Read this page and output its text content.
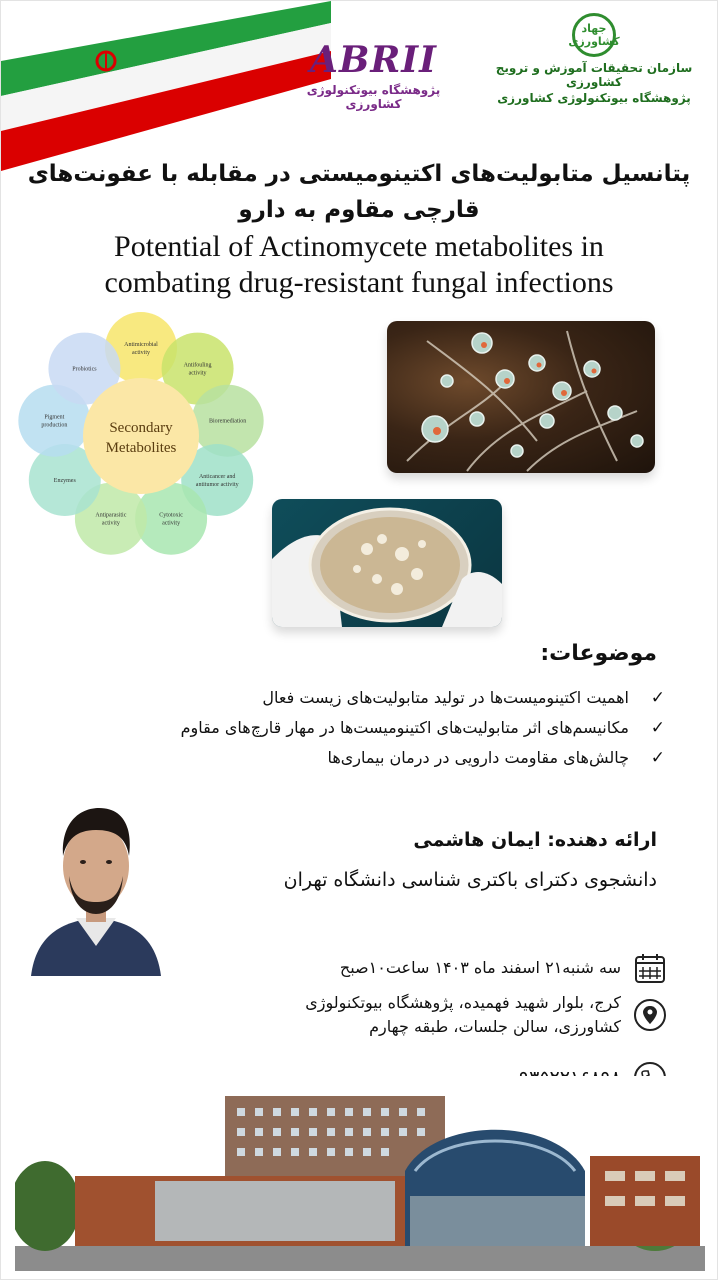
ABRII
پژوهشگاه بیوتکنولوژی کشاورزی
جهاد کشاورزی
سازمان تحقیقات آموزش و ترویج کشاورزی
پژوهشگاه بیوتکنولوژی کشاورزی
پتانسیل متابولیت‌های اکتینومیستی در مقابله با عفونت‌های قارچی مقاوم به دارو
Potential of Actinomycete metabolites in
combating drug-resistant fungal infections
Antimicrobial
activity
Antifouling
activity
Bioremediation
Anticancer and
antitumor activity
Cytotoxic
activity
Antiparasitic
activity
Enzymes
Pigment
production
Probiotics
Secondary
Metabolites
موضوعات:
✓
اهمیت اکتینومیست‌ها در تولید متابولیت‌های زیست فعال
✓
مکانیسم‌های اثر متابولیت‌های اکتینومیست‌ها در مهار قارچ‌های مقاوم
✓
چالش‌های مقاومت دارویی در درمان بیماری‌ها
ارائه دهنده: ایمان هاشمی
دانشجوی دکترای باکتری شناسی دانشگاه تهران
سه شنبه۲۱ اسفند ماه ۱۴۰۳ ساعت۱۰صبح
کرج، بلوار شهید فهمیده، پژوهشگاه بیوتکنولوژی
کشاورزی، سالن جلسات، طبقه چهارم
